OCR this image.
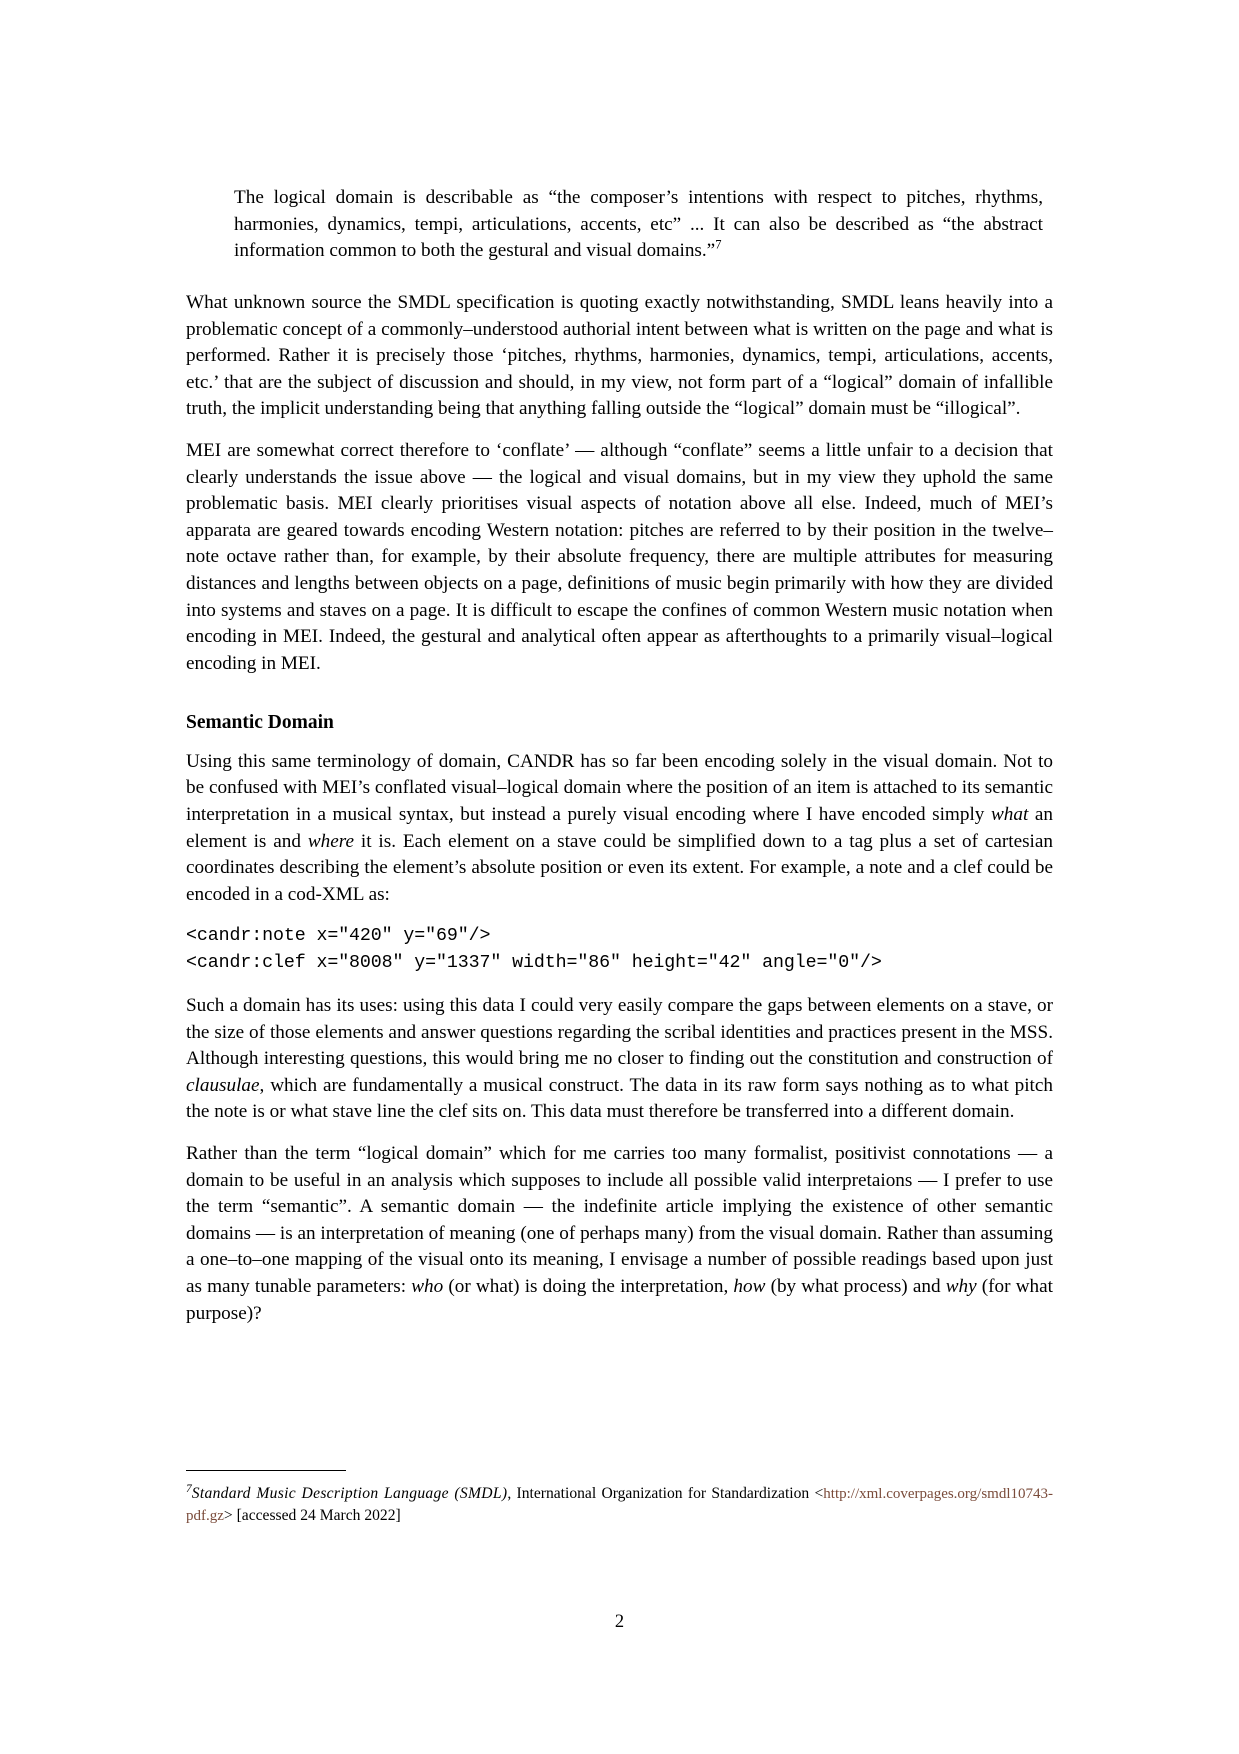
The logical domain is describable as “the composer’s intentions with respect to pitches, rhythms, harmonies, dynamics, tempi, articulations, accents, etc” ... It can also be described as “the abstract information common to both the gestural and visual domains.”$^7$

What unknown source the SMDL specification is quoting exactly notwithstanding, SMDL leans heavily into a problematic concept of a commonly–understood authorial intent between what is written on the page and what is performed. Rather it is precisely those ‘pitches, rhythms, harmonies, dynamics, tempi, articulations, accents, etc.’ that are the subject of discussion and should, in my view, not form part of a “logical” domain of infallible truth, the implicit understanding being that anything falling outside the “logical” domain must be “illogical”.

MEI are somewhat correct therefore to ‘conflate’ — although “conflate” seems a little unfair to a decision that clearly understands the issue above — the logical and visual domains, but in my view they uphold the same problematic basis. MEI clearly prioritises visual aspects of notation above all else. Indeed, much of MEI’s apparata are geared towards encoding Western notation: pitches are referred to by their position in the twelve–note octave rather than, for example, by their absolute frequency, there are multiple attributes for measuring distances and lengths between objects on a page, definitions of music begin primarily with how they are divided into systems and staves on a page. It is difficult to escape the confines of common Western music notation when encoding in MEI. Indeed, the gestural and analytical often appear as afterthoughts to a primarily visual–logical encoding in MEI.

Semantic Domain

Using this same terminology of domain, CANDR has so far been encoding solely in the visual domain. Not to be confused with MEI’s conflated visual–logical domain where the position of an item is attached to its semantic interpretation in a musical syntax, but instead a purely visual encoding where I have encoded simply what an element is and where it is. Each element on a stave could be simplified down to a tag plus a set of cartesian coordinates describing the element’s absolute position or even its extent. For example, a note and a clef could be encoded in a cod-XML as:

<candr:note x="420" y="69"/>
<candr:clef x="8008" y="1337" width="86" height="42" angle="0"/>

Such a domain has its uses: using this data I could very easily compare the gaps between elements on a stave, or the size of those elements and answer questions regarding the scribal identities and practices present in the MSS. Although interesting questions, this would bring me no closer to finding out the constitution and construction of clausulae, which are fundamentally a musical construct. The data in its raw form says nothing as to what pitch the note is or what stave line the clef sits on. This data must therefore be transferred into a different domain.

Rather than the term “logical domain” which for me carries too many formalist, positivist connotations — a domain to be useful in an analysis which supposes to include all possible valid interpretaions — I prefer to use the term “semantic”. A semantic domain — the indefinite article implying the existence of other semantic domains — is an interpretation of meaning (one of perhaps many) from the visual domain. Rather than assuming a one–to–one mapping of the visual onto its meaning, I envisage a number of possible readings based upon just as many tunable parameters: who (or what) is doing the interpretation, how (by what process) and why (for what purpose)?

$^7$Standard Music Description Language (SMDL), International Organization for Standardization <http://xml.coverpages.org/smdl10743-pdf.gz> [accessed 24 March 2022]
2
